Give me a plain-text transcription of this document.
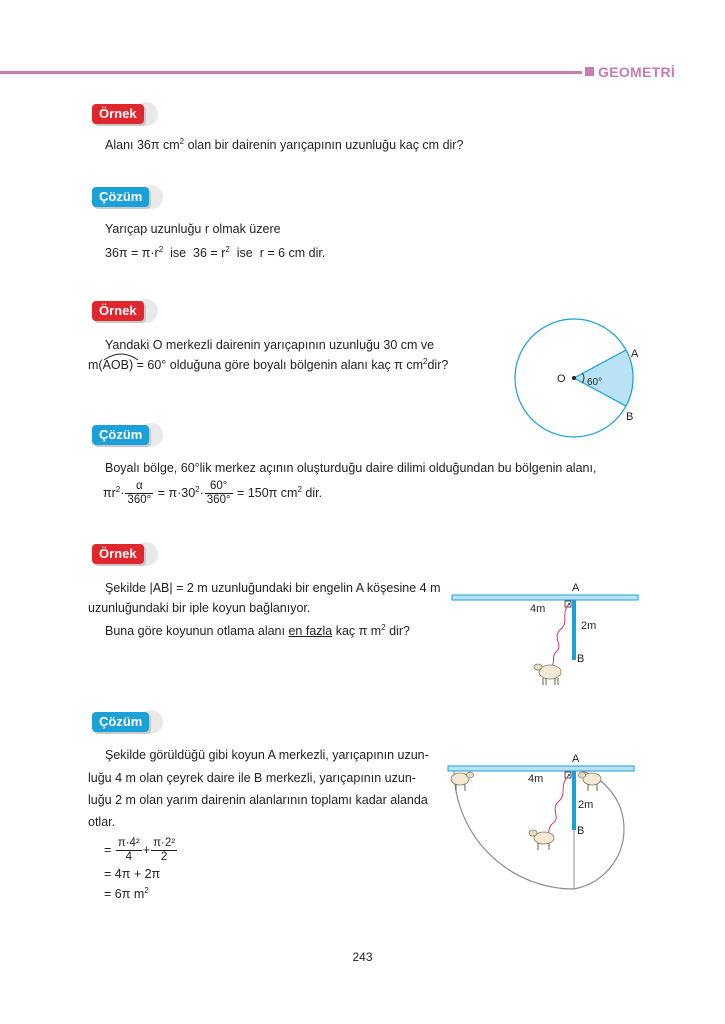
GEOMETRİ
Örnek
Alanı 36π $cm^2$ olan bir dairenin yarıçapının uzunluğu kaç cm dir?
Çözüm
Yarıçap uzunluğu r olmak üzere
$36\pi = \pi\cdot r^2$  ise  $36 = r^2$  ise  r = 6 cm dir.
Örnek
Yandaki O merkezli dairenin yarıçapının uzunluğu 30 cm ve
m(
AOB) = 60° olduğuna göre boyalı bölgenin alanı kaç π $cm^2dir$?
O
A
B
60°
Çözüm
Boyalı bölge, 60°lik merkez açının oluşturduğu daire dilimi olduğundan bu bölgenin alanı,
$\pi r^2\cdot \frac{\alpha}{360^\circ} = \pi\cdot 30^2\cdot \frac{60^\circ}{360^\circ} = 150\pi$ $cm^2$ dir.
Örnek
Şekilde |AB| = 2 m uzunluğundaki bir engelin A köşesine 4 m
uzunluğundaki bir iple koyun bağlanıyor.
Buna göre koyunun otlama alanı en fazla kaç π $m^2$ dir?
A
B
4m
2m
Çözüm
Şekilde görüldüğü gibi koyun A merkezli, yarıçapının uzun-
luğu 4 m olan çeyrek daire ile B merkezli, yarıçapının uzun-
luğu 2 m olan yarım dairenin alanlarının toplamı kadar alanda
otlar.
= $\frac{\text{π·4²}}{4} + \frac{\text{π·2²}}{2}$
= 4π + 2π
= 6π $m^2$
A
B
4m
2m
243
